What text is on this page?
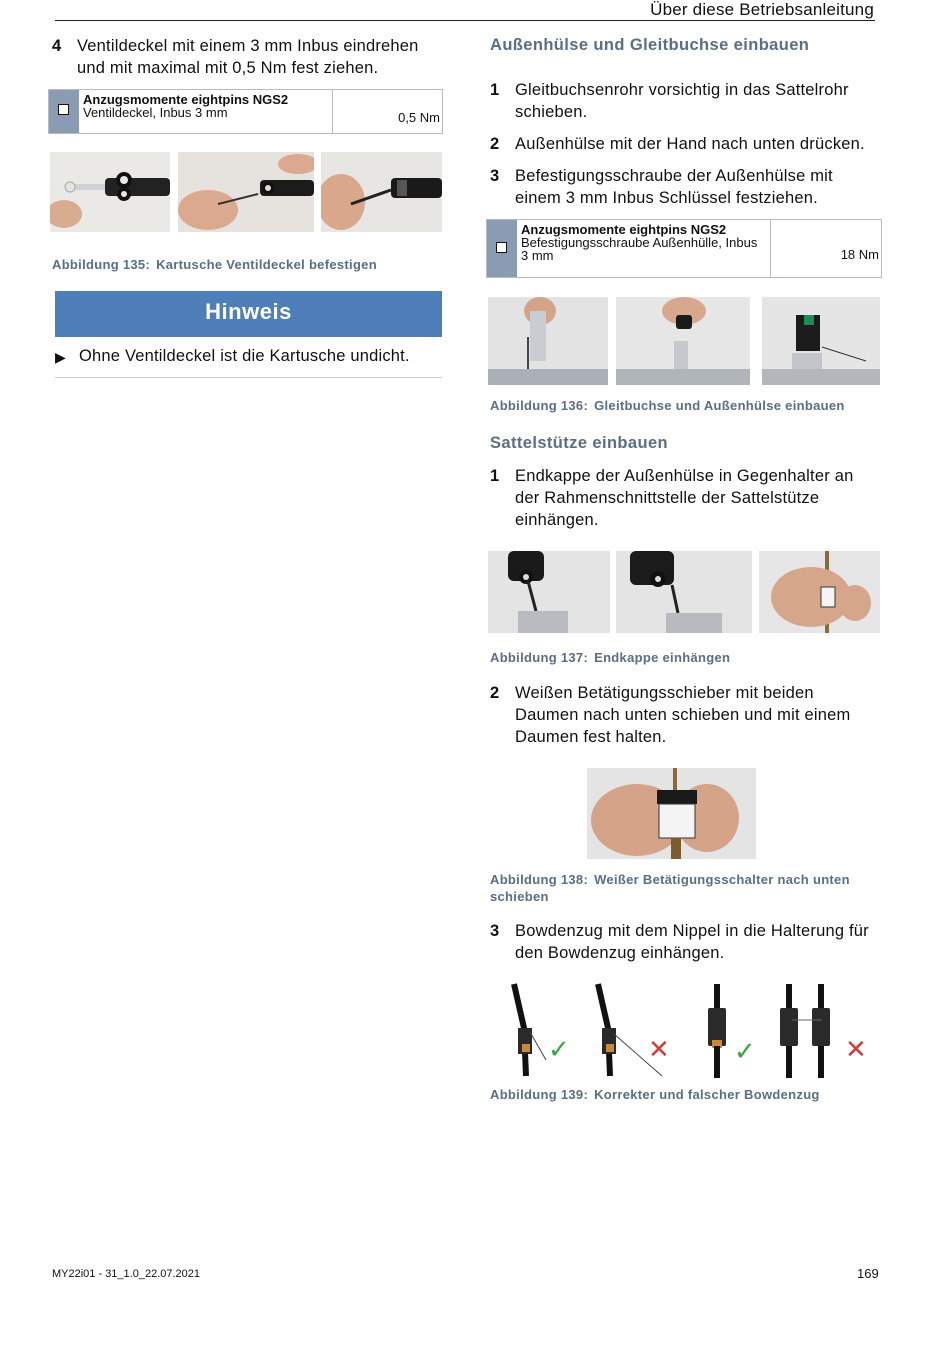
Über diese Betriebsanleitung
4 Ventildeckel mit einem 3 mm Inbus eindrehen
und mit maximal mit 0,5 Nm fest ziehen.
Anzugsmomente eightpins NGS2
Ventildeckel, Inbus 3 mm	0,5 Nm
Abbildung 135: Kartusche Ventildeckel befestigen
Hinweis
▶ Ohne Ventildeckel ist die Kartusche undicht.
Außenhülse und Gleitbuchse einbauen
1 Gleitbuchsenrohr vorsichtig in das Sattelrohr
schieben.
2 Außenhülse mit der Hand nach unten drücken.
3 Befestigungsschraube der Außenhülse mit
einem 3 mm Inbus Schlüssel festziehen.
Anzugsmomente eightpins NGS2
Befestigungsschraube Außenhülle, Inbus
3 mm	18 Nm
Abbildung 136: Gleitbuchse und Außenhülse einbauen
Sattelstütze einbauen
1 Endkappe der Außenhülse in Gegenhalter an
der Rahmenschnittstelle der Sattelstütze
einhängen.
Abbildung 137: Endkappe einhängen
2 Weißen Betätigungsschieber mit beiden
Daumen nach unten schieben und mit einem
Daumen fest halten.
Abbildung 138: Weißer Betätigungsschalter nach unten
schieben
3 Bowdenzug mit dem Nippel in die Halterung für
den Bowdenzug einhängen.
✓	✕ ✓	✕
Abbildung 139: Korrekter und falscher Bowdenzug
MY22i01 - 31_1.0_22.07.2021	169
